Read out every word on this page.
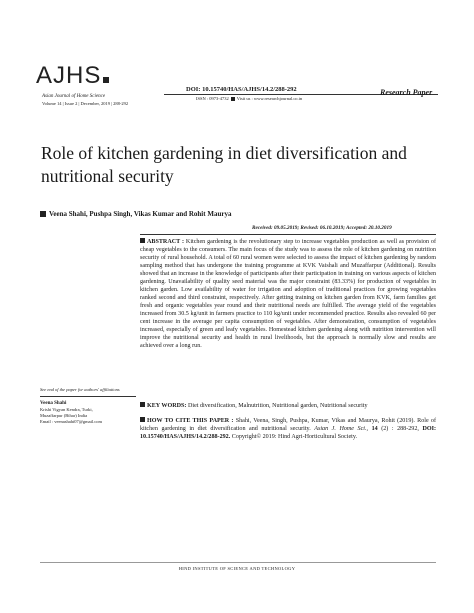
AJHS
Asian Journal of Home Science
Volume 14 | Issue 2 | December, 2019 | 288-292
DOI: 10.15740/HAS/AJHS/14.2/288-292
ISSN : 0973-4732 Visit us : www.researchjournal.co.in
Research Paper
Role of kitchen gardening in diet diversification and nutritional security
Veena Shahi, Pushpa Singh, Vikas Kumar and Rohit Maurya
Received: 09.05.2019; Revised: 06.10.2019; Accepted: 20.10.2019
ABSTRACT : Kitchen gardening is the revolutionary step to increase vegetables production as well as provision of cheap vegetables to the consumers. The main focus of the study was to assess the role of kitchen gardening on nutrition security of rural household. A total of 60 rural women were selected to assess the impact of kitchen gardening by random sampling method that has undergone the training programme at KVK Vaishali and Muzaffarpur (Additional). Results showed that an increase in the knowledge of participants after their participation in training on various aspects of kitchen gardening. Unavailability of quality seed material was the major constraint (83.33%) for production of vegetables in kitchen garden. Low availability of water for irrigation and adoption of traditional practices for growing vegetables ranked second and third constraint, respectively. After getting training on kitchen garden from KVK, farm families get fresh and organic vegetables year round and their nutritional needs are fulfilled. The average yield of the vegetables increased from 30.5 kg/unit in farmers practice to 110 kg/unit under recommended practice. Results also revealed 60 per cent increase in the average per capita consumption of vegetables. After demonstration, consumption of vegetables increased, especially of green and leafy vegetables. Homestead kitchen gardening along with nutrition intervention will improve the nutritional security and health in rural livelihoods, but the approach is normally slow and results are achieved over a long run.
KEY WORDS: Diet diversification, Malnutrition, Nutritional garden, Nutritional security
HOW TO CITE THIS PAPER : Shahi, Veena, Singh, Pushpa, Kumar, Vikas and Maurya, Rohit (2019). Role of kitchen gardening in diet diversification and nutritional security. Asian J. Home Sci., 14 (2) : 288-292, DOI: 10.15740/HAS/AJHS/14.2/288-292. Copyright© 2019: Hind Agri-Horticultural Society.
See end of the paper for authors' affiliations
Veena Shahi
Krishi Vigyan Kendra, Turki,
Muzaffarpur (Bihar) India
Email : veenashahi07@gmail.com
HIND INSTITUTE OF SCIENCE AND TECHNOLOGY
